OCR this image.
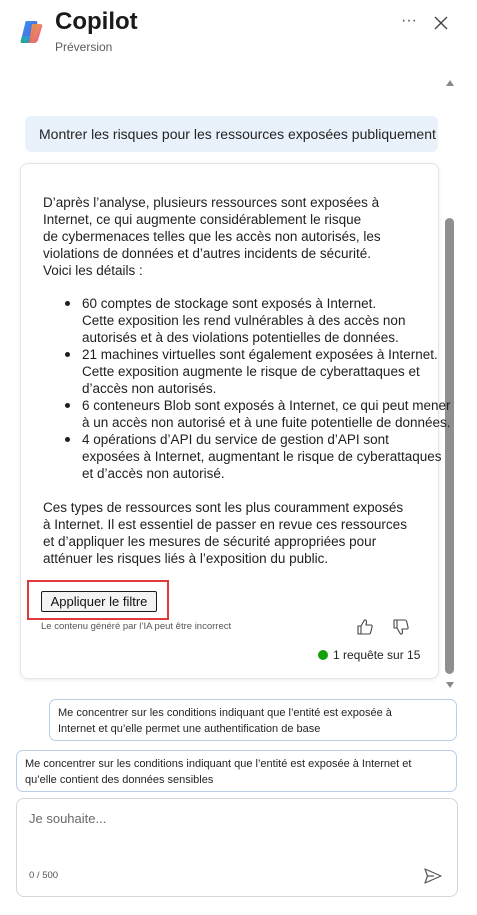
Copilot
Préversion
···
Montrer les risques pour les ressources exposées publiquement
D’après l’analyse, plusieurs ressources sont exposées à
Internet, ce qui augmente considérablement le risque
de cybermenaces telles que les accès non autorisés, les
violations de données et d’autres incidents de sécurité.
Voici les détails :
60 comptes de stockage sont exposés à Internet.
Cette exposition les rend vulnérables à des accès non
autorisés et à des violations potentielles de données.
21 machines virtuelles sont également exposées à Internet.
Cette exposition augmente le risque de cyberattaques et
d’accès non autorisés.
6 conteneurs Blob sont exposés à Internet, ce qui peut mener
à un accès non autorisé et à une fuite potentielle de données.
4 opérations d’API du service de gestion d’API sont
exposées à Internet, augmentant le risque de cyberattaques
et d’accès non autorisé.
Ces types de ressources sont les plus couramment exposés
à Internet. Il est essentiel de passer en revue ces ressources
et d’appliquer les mesures de sécurité appropriées pour
atténuer les risques liés à l’exposition du public.
Appliquer le filtre
Le contenu généré par l’IA peut être incorrect
1 requête sur 15
Me concentrer sur les conditions indiquant que l’entité est exposée à
Internet et qu’elle permet une authentification de base
Me concentrer sur les conditions indiquant que l’entité est exposée à Internet et
qu’elle contient des données sensibles
Je souhaite...
0 / 500
